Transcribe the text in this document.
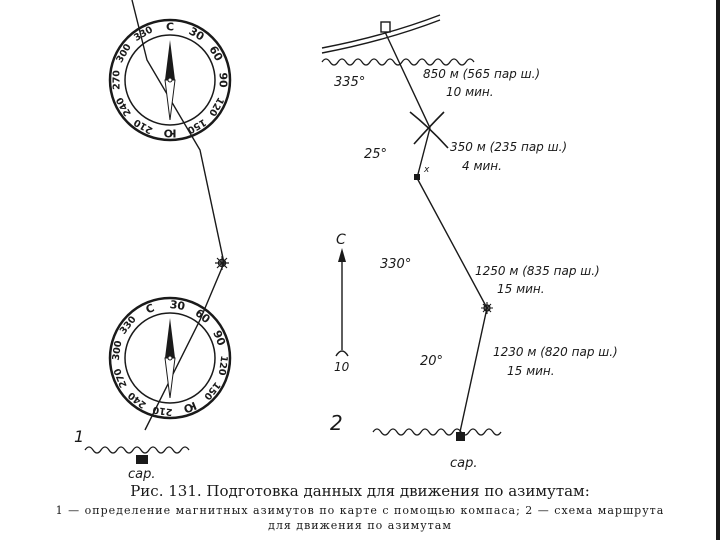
С 30
60
90
120
150
Ю
210
240
270
300
330
С 30
60
90
120
150
Ю
210
240
270
300
330
1
сар.
x
сар.
С
10
2
335°
25°
330°
20°
850 м (565 пар ш.)
10 мин.
350 м (235 пар ш.)
4 мин.
1250 м (835 пар ш.)
15 мин.
1230 м (820 пар ш.)
15 мин.
Рис. 131. Подготовка данных для движения по азимутам:
1 — определение магнитных азимутов по карте с помощью компаса; 2 — схема маршрута
для движения по азимутам
